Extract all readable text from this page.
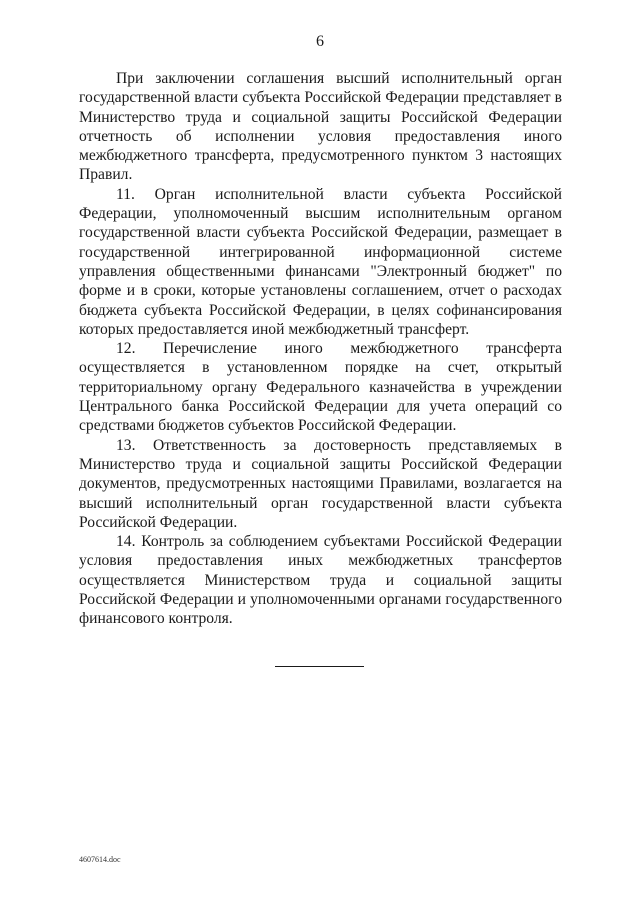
6

При заключении соглашения высший исполнительный орган государственной власти субъекта Российской Федерации представляет в Министерство труда и социальной защиты Российской Федерации отчетность об исполнении условия предоставления иного межбюджетного трансферта, предусмотренного пунктом 3 настоящих Правил.

11. Орган исполнительной власти субъекта Российской Федерации, уполномоченный высшим исполнительным органом государственной власти субъекта Российской Федерации, размещает в государственной интегрированной информационной системе управления общественными финансами "Электронный бюджет" по форме и в сроки, которые установлены соглашением, отчет о расходах бюджета субъекта Российской Федерации, в целях софинансирования которых предоставляется иной межбюджетный трансферт.

12. Перечисление иного межбюджетного трансферта осуществляется в установленном порядке на счет, открытый территориальному органу Федерального казначейства в учреждении Центрального банка Российской Федерации для учета операций со средствами бюджетов субъектов Российской Федерации.

13. Ответственность за достоверность представляемых в Министерство труда и социальной защиты Российской Федерации документов, предусмотренных настоящими Правилами, возлагается на высший исполнительный орган государственной власти субъекта Российской Федерации.

14. Контроль за соблюдением субъектами Российской Федерации условия предоставления иных межбюджетных трансфертов осуществляется Министерством труда и социальной защиты Российской Федерации и уполномоченными органами государственного финансового контроля.

4607614.doc
